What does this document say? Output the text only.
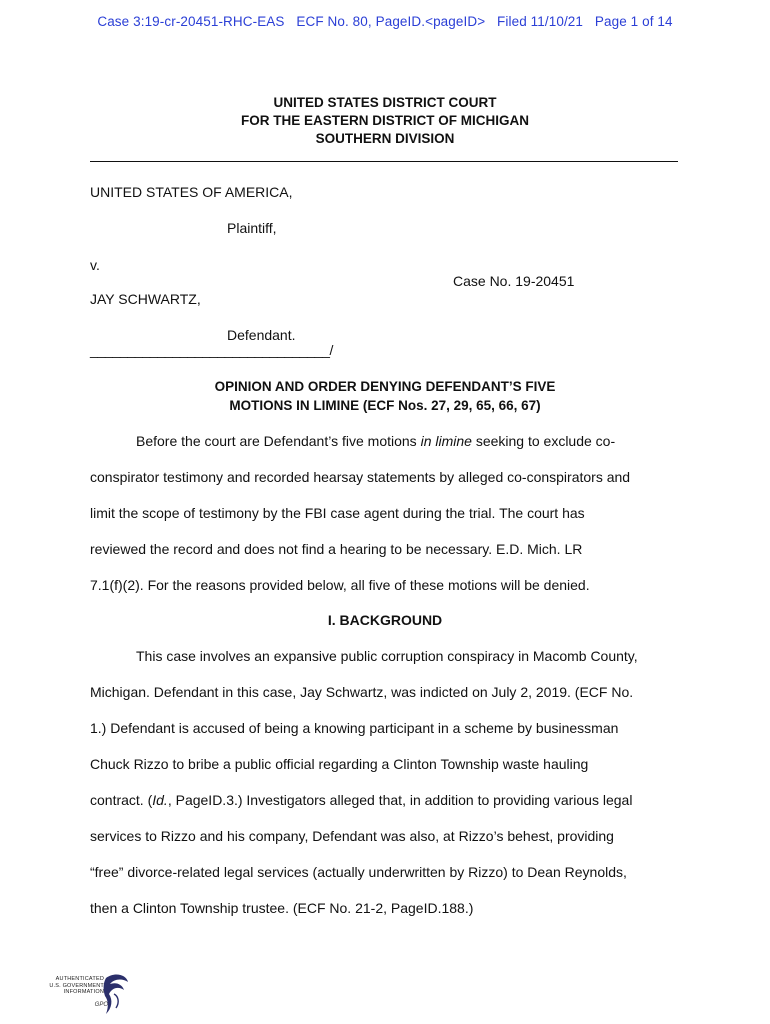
Case 3:19-cr-20451-RHC-EAS ECF No. 80, PageID.<pageID> Filed 11/10/21 Page 1 of 14
UNITED STATES DISTRICT COURT
FOR THE EASTERN DISTRICT OF MICHIGAN
SOUTHERN DIVISION
UNITED STATES OF AMERICA,
Plaintiff,
v.
Case No. 19-20451
JAY SCHWARTZ,
Defendant.
________________________________/
OPINION AND ORDER DENYING DEFENDANT’S FIVE
MOTIONS IN LIMINE (ECF Nos. 27, 29, 65, 66, 67)
Before the court are Defendant’s five motions in limine seeking to exclude co-
conspirator testimony and recorded hearsay statements by alleged co-conspirators and
limit the scope of testimony by the FBI case agent during the trial. The court has
reviewed the record and does not find a hearing to be necessary. E.D. Mich. LR
7.1(f)(2). For the reasons provided below, all five of these motions will be denied.
I. BACKGROUND
This case involves an expansive public corruption conspiracy in Macomb County,
Michigan. Defendant in this case, Jay Schwartz, was indicted on July 2, 2019. (ECF No.
1.) Defendant is accused of being a knowing participant in a scheme by businessman
Chuck Rizzo to bribe a public official regarding a Clinton Township waste hauling
contract. (Id., PageID.3.) Investigators alleged that, in addition to providing various legal
services to Rizzo and his company, Defendant was also, at Rizzo’s behest, providing
“free” divorce-related legal services (actually underwritten by Rizzo) to Dean Reynolds,
then a Clinton Township trustee. (ECF No. 21-2, PageID.188.)
AUTHENTICATED
U.S. GOVERNMENT
INFORMATION
GPO
